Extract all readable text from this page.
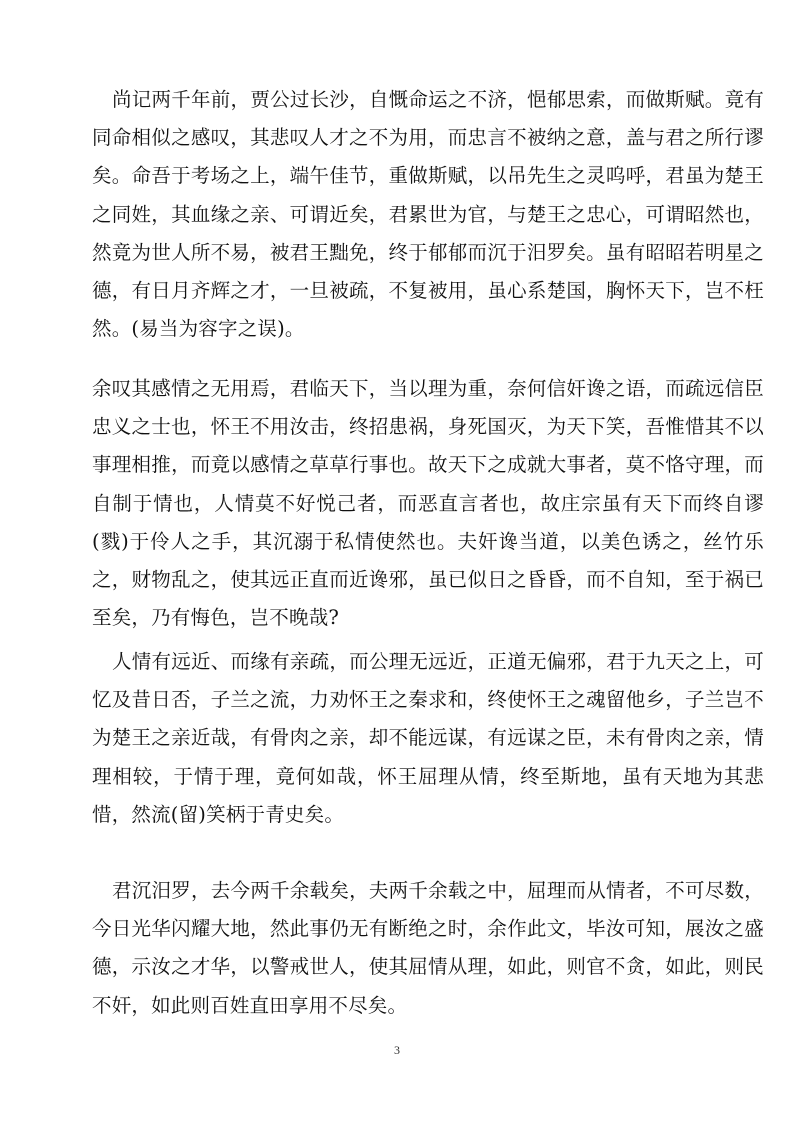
尚记两千年前，贾公过长沙，自慨命运之不济，悒郁思索，而做斯赋。竟有同命相似之感叹，其悲叹人才之不为用，而忠言不被纳之意，盖与君之所行谬矣。命吾于考场之上，端午佳节，重做斯赋，以吊先生之灵呜呼，君虽为楚王之同姓，其血缘之亲、可谓近矣，君累世为官，与楚王之忠心，可谓昭然也，然竟为世人所不易，被君王黜免，终于郁郁而沉于汨罗矣。虽有昭昭若明星之德，有日月齐辉之才，一旦被疏，不复被用，虽心系楚国，胸怀天下，岂不枉然。(易当为容字之误)。

余叹其感情之无用焉，君临天下，当以理为重，奈何信奸谗之语，而疏远信臣忠义之士也，怀王不用汝击，终招患祸，身死国灭，为天下笑，吾惟惜其不以事理相推，而竟以感情之草草行事也。故天下之成就大事者，莫不恪守理，而自制于情也，人情莫不好悦己者，而恶直言者也，故庄宗虽有天下而终自谬(戮)于伶人之手，其沉溺于私情使然也。夫奸谗当道，以美色诱之，丝竹乐之，财物乱之，使其远正直而近谗邪，虽已似日之昏昏，而不自知，至于祸已至矣，乃有悔色，岂不晚哉?

人情有远近、而缘有亲疏，而公理无远近，正道无偏邪，君于九天之上，可忆及昔日否，子兰之流，力劝怀王之秦求和，终使怀王之魂留他乡，子兰岂不为楚王之亲近哉，有骨肉之亲，却不能远谋，有远谋之臣，未有骨肉之亲，情理相较，于情于理，竟何如哉，怀王屈理从情，终至斯地，虽有天地为其悲惜，然流(留)笑柄于青史矣。

君沉汨罗，去今两千余载矣，夫两千余载之中，屈理而从情者，不可尽数，今日光华闪耀大地，然此事仍无有断绝之时，余作此文，毕汝可知，展汝之盛德，示汝之才华，以警戒世人，使其屈情从理，如此，则官不贪，如此，则民不奸，如此则百姓直田享用不尽矣。

3
